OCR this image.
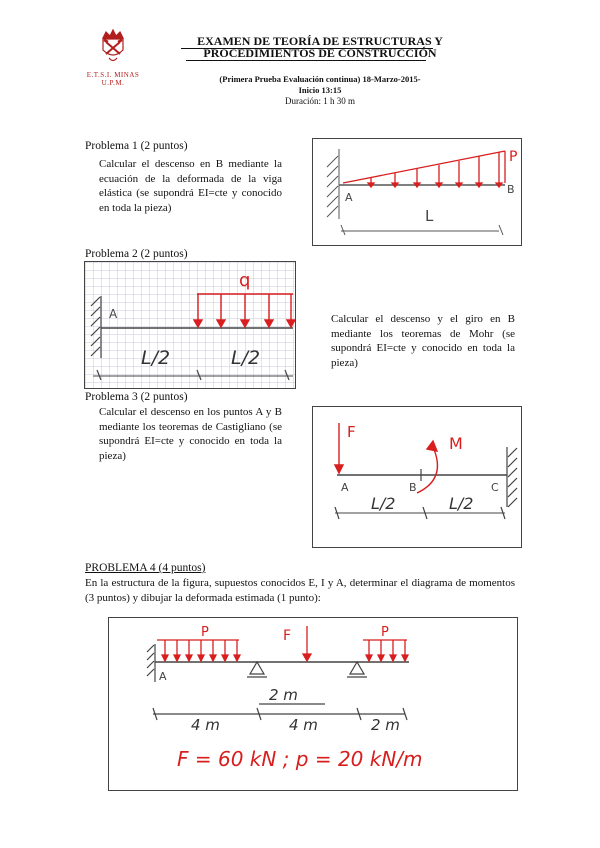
E.T.S.I. MINAS
U.P.M.
EXAMEN DE TEORÍA DE ESTRUCTURAS Y
PROCEDIMIENTOS DE CONSTRUCCIÓN
(Primera Prueba Evaluación continua) 18-Marzo-2015-
Inicio 13:15
Duración: 1 h 30 m
Problema 1 (2 puntos)
Calcular el descenso en B mediante la ecuación de la deformada de la viga elástica (se supondrá EI=cte y conocido en toda la pieza)
P
A
B
L
Problema 2 (2 puntos)
q
A
L/2	L/2
Calcular el descenso y el giro en B mediante los teoremas de Mohr (se supondrá EI=cte y conocido en toda la pieza)
Problema 3 (2 puntos)
Calcular el descenso en los puntos A y B mediante los teoremas de Castigliano (se supondrá EI=cte y conocido en toda la pieza)
F
M
A	B	C
L/2	L/2
PROBLEMA 4 (4 puntos)
En la estructura de la figura, supuestos conocidos E, I y A, determinar el diagrama de momentos (3 puntos) y dibujar la deformada estimada (1 punto):
P	F	P
A
2 m
4 m	4 m	2 m
F = 60 kN ; p = 20 kN/m
